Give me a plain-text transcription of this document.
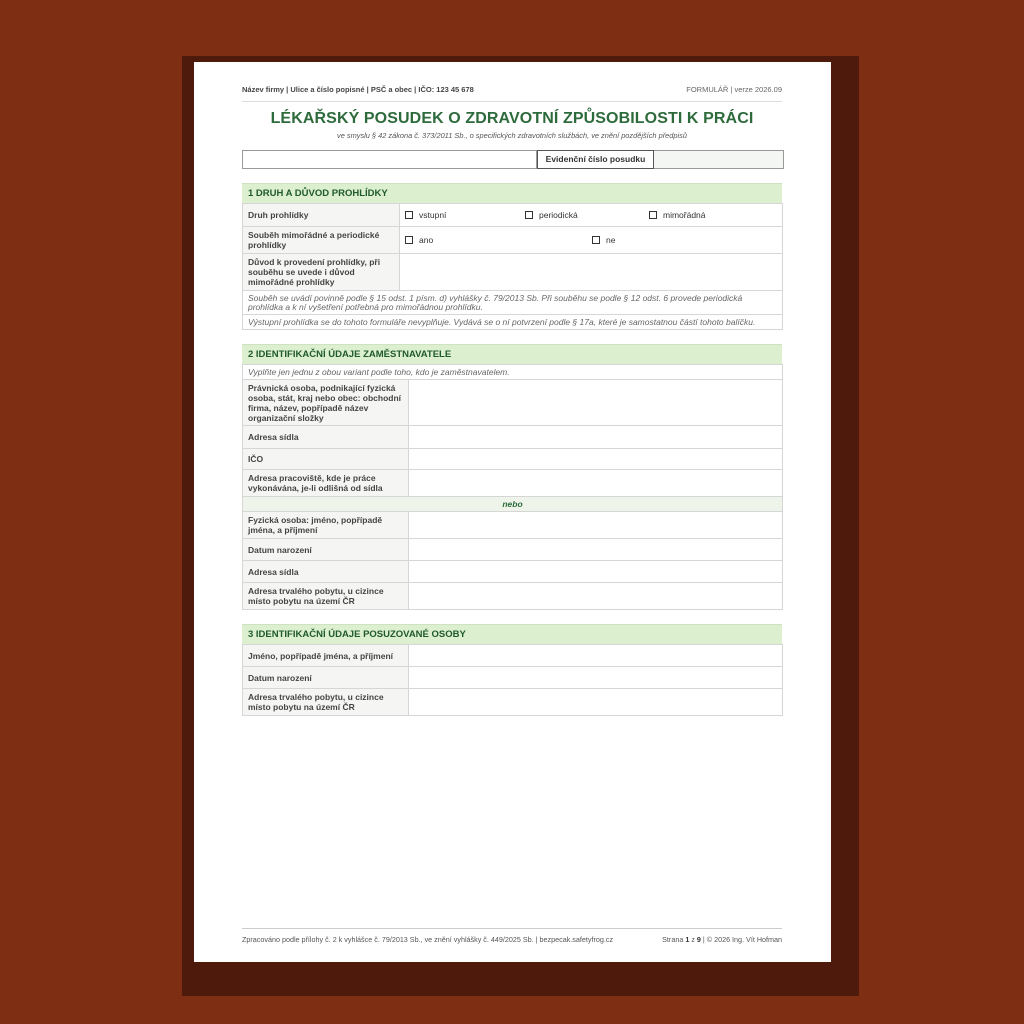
Název firmy | Ulice a číslo popisné | PSČ a obec | IČO: 123 45 678	FORMULÁŘ | verze 2026.09
LÉKAŘSKÝ POSUDEK O ZDRAVOTNÍ ZPŮSOBILOSTI K PRÁCI
ve smyslu § 42 zákona č. 373/2011 Sb., o specifických zdravotních službách, ve znění pozdějších předpisů
Evidenční číslo posudku
1 DRUH A DŮVOD PROHLÍDKY
Druh prohlídky	vstupní periodická mimořádná
Souběh mimořádné a periodické prohlídky	ano ne
Důvod k provedení prohlídky, při souběhu se uvede i důvod mimořádné prohlídky	
Souběh se uvádí povinně podle § 15 odst. 1 písm. d) vyhlášky č. 79/2013 Sb. Při souběhu se podle § 12 odst. 6 provede periodická prohlídka a k ní vyšetření potřebná pro mimořádnou prohlídku.	
Výstupní prohlídka se do tohoto formuláře nevyplňuje. Vydává se o ní potvrzení podle § 17a, které je samostatnou částí tohoto balíčku.	
2 IDENTIFIKAČNÍ ÚDAJE ZAMĚSTNAVATELE
Vyplňte jen jednu z obou variant podle toho, kdo je zaměstnavatelem.	
Právnická osoba, podnikající fyzická osoba, stát, kraj nebo obec: obchodní firma, název, popřípadě název organizační složky	
Adresa sídla	
IČO	
Adresa pracoviště, kde je práce vykonávána, je-li odlišná od sídla	
nebo	
Fyzická osoba: jméno, popřípadě jména, a příjmení	
Datum narození	
Adresa sídla	
Adresa trvalého pobytu, u cizince místo pobytu na území ČR	
3 IDENTIFIKAČNÍ ÚDAJE POSUZOVANÉ OSOBY
Jméno, popřípadě jména, a příjmení	
Datum narození	
Adresa trvalého pobytu, u cizince místo pobytu na území ČR	
Zpracováno podle přílohy č. 2 k vyhlášce č. 79/2013 Sb., ve znění vyhlášky č. 449/2025 Sb. | bezpecak.safetyfrog.cz	Strana 1 z 9 | © 2026 Ing. Vít Hofman
